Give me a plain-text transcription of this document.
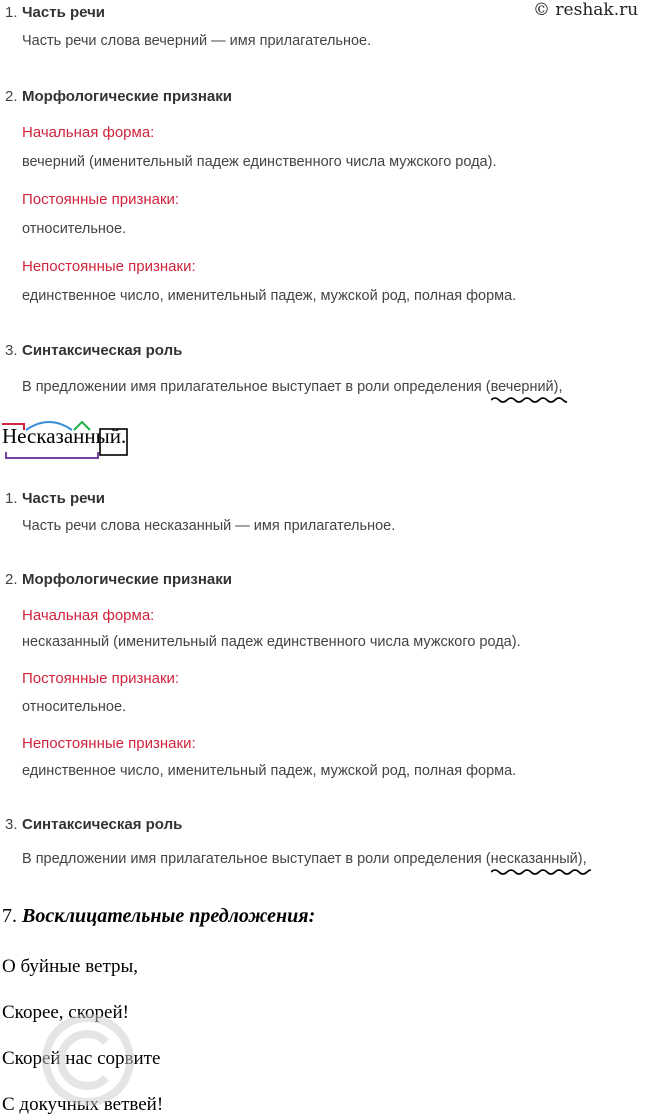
© reshak.ru
1. Часть речи
Часть речи слова вечерний — имя прилагательное.
2. Морфологические признаки
Начальная форма:
вечерний (именительный падеж единственного числа мужского рода).
Постоянные признаки:
относительное.
Непостоянные признаки:
единственное число, именительный падеж, мужской род, полная форма.
3. Синтаксическая роль
В предложении имя прилагательное выступает в роли определения (вечерний
),
Несказанный.
1. Часть речи
Часть речи слова несказанный — имя прилагательное.
2. Морфологические признаки
Начальная форма:
несказанный (именительный падеж единственного числа мужского рода).
Постоянные признаки:
относительное.
Непостоянные признаки:
единственное число, именительный падеж, мужской род, полная форма.
3. Синтаксическая роль
В предложении имя прилагательное выступает в роли определения (несказанный
),
7. Восклицательные предложения:
О буйные ветры,
Скорее, скорей!
Скорей нас сорвите
С докучных ветвей!
